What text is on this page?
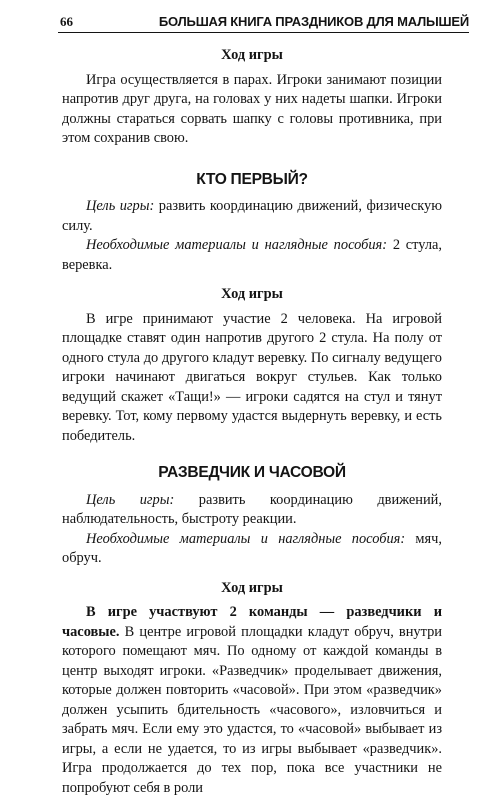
66	БОЛЬШАЯ КНИГА ПРАЗДНИКОВ ДЛЯ МАЛЫШЕЙ

Ход игры

Игра осуществляется в парах. Игроки занимают позиции напротив друг друга, на головах у них надеты шапки. Игроки должны стараться сорвать шапку с головы противника, при этом сохранив свою.

КТО ПЕРВЫЙ?

Цель игры: развить координацию движений, физическую силу.

Необходимые материалы и наглядные пособия: 2 стула, веревка.

Ход игры

В игре принимают участие 2 человека. На игровой площадке ставят один напротив другого 2 стула. На полу от одного стула до другого кладут веревку. По сигналу ведущего игроки начинают двигаться вокруг стульев. Как только ведущий скажет «Тащи!» — игроки садятся на стул и тянут веревку. Тот, кому первому удастся выдернуть веревку, и есть победитель.

РАЗВЕДЧИК И ЧАСОВОЙ

Цель игры: развить координацию движений, наблюдательность, быстроту реакции.

Необходимые материалы и наглядные пособия: мяч, обруч.

Ход игры

В игре участвуют 2 команды — разведчики и часовые. В центре игровой площадки кладут обруч, внутри которого помещают мяч. По одному от каждой команды в центр выходят игроки. «Разведчик» проделывает движения, которые должен повторить «часовой». При этом «разведчик» должен усыпить бдительность «часового», изловчиться и забрать мяч. Если ему это удастся, то «часовой» выбывает из игры, а если не удается, то из игры выбывает «разведчик». Игра продолжается до тех пор, пока все участники не попробуют себя в роли
